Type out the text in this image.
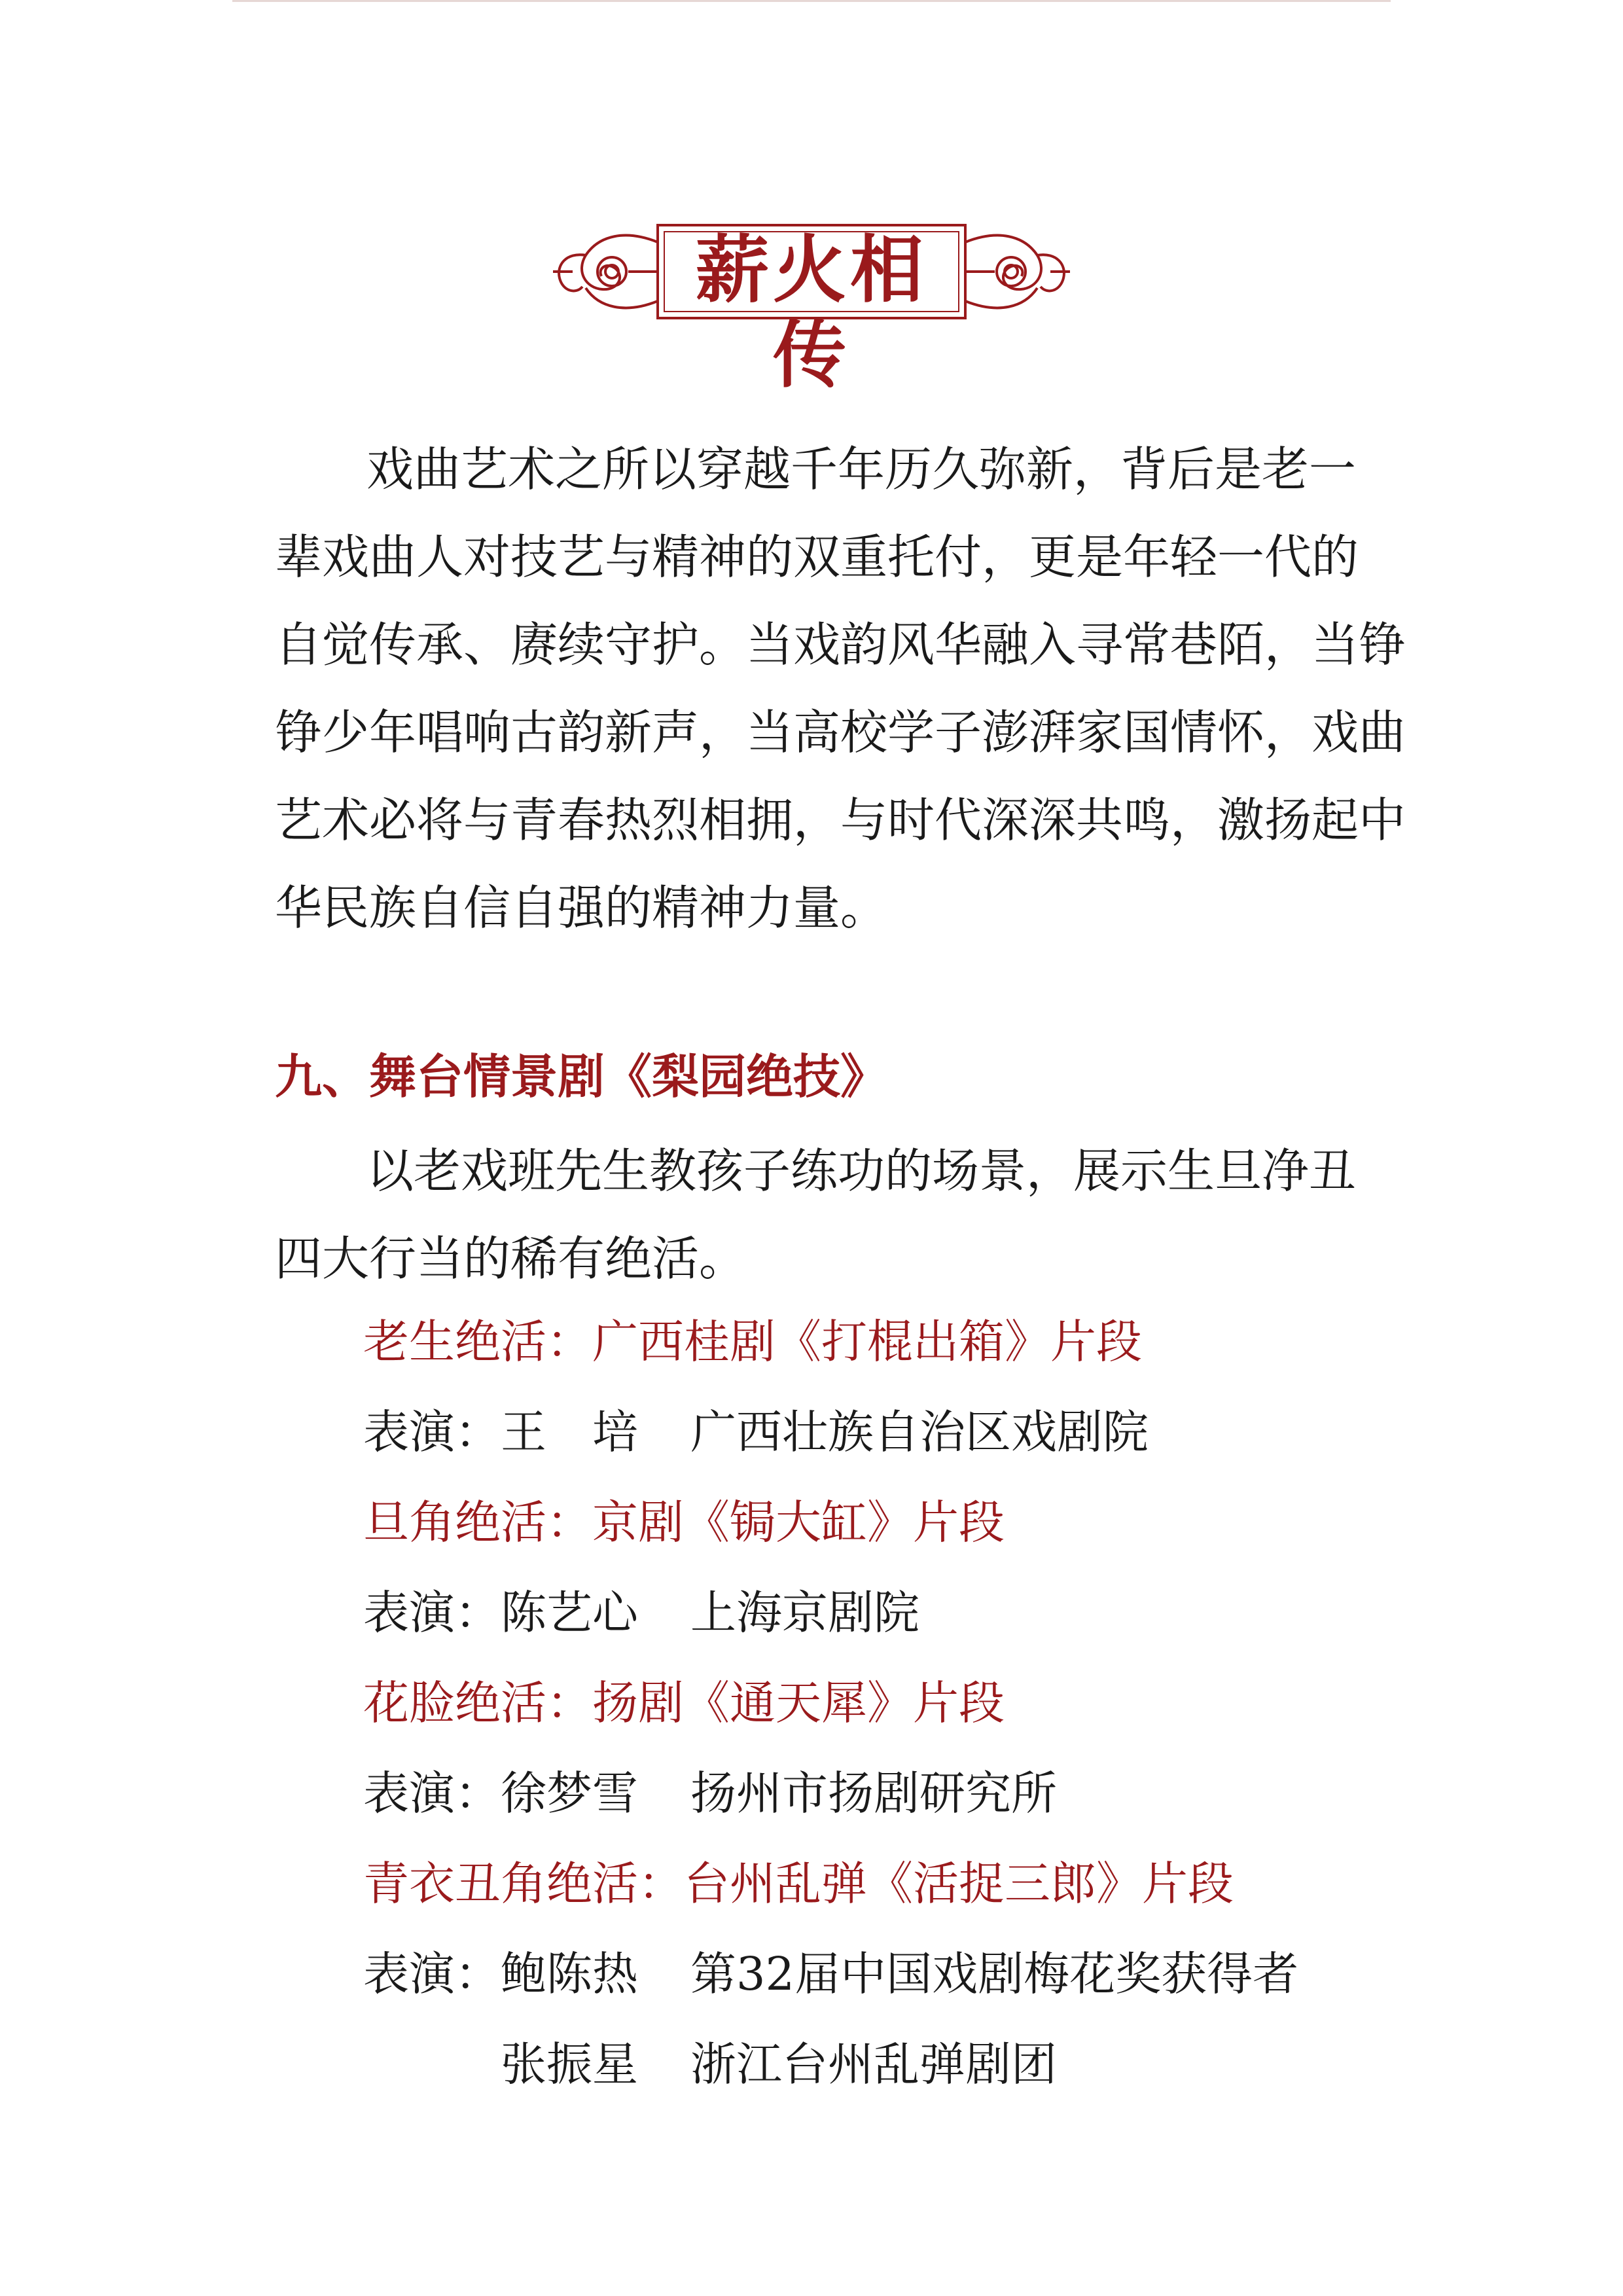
薪火相传
戏曲艺术之所以穿越千年历久弥新，背后是老一
辈戏曲人对技艺与精神的双重托付，更是年轻一代的
自觉传承、赓续守护。当戏韵风华融入寻常巷陌，当铮
铮少年唱响古韵新声，当高校学子澎湃家国情怀，戏曲
艺术必将与青春热烈相拥，与时代深深共鸣，激扬起中
华民族自信自强的精神力量。
九、舞台情景剧《梨园绝技》
以老戏班先生教孩子练功的场景，展示生旦净丑
四大行当的稀有绝活。
老生绝活：广西桂剧《打棍出箱》片段
表演：王　培 广西壮族自治区戏剧院
旦角绝活：京剧《锔大缸》片段
表演：陈艺心 上海京剧院
花脸绝活：扬剧《通天犀》片段
表演：徐梦雪 扬州市扬剧研究所
青衣丑角绝活：台州乱弹《活捉三郎》片段
表演：鲍陈热 第32届中国戏剧梅花奖获得者
张振星 浙江台州乱弹剧团
